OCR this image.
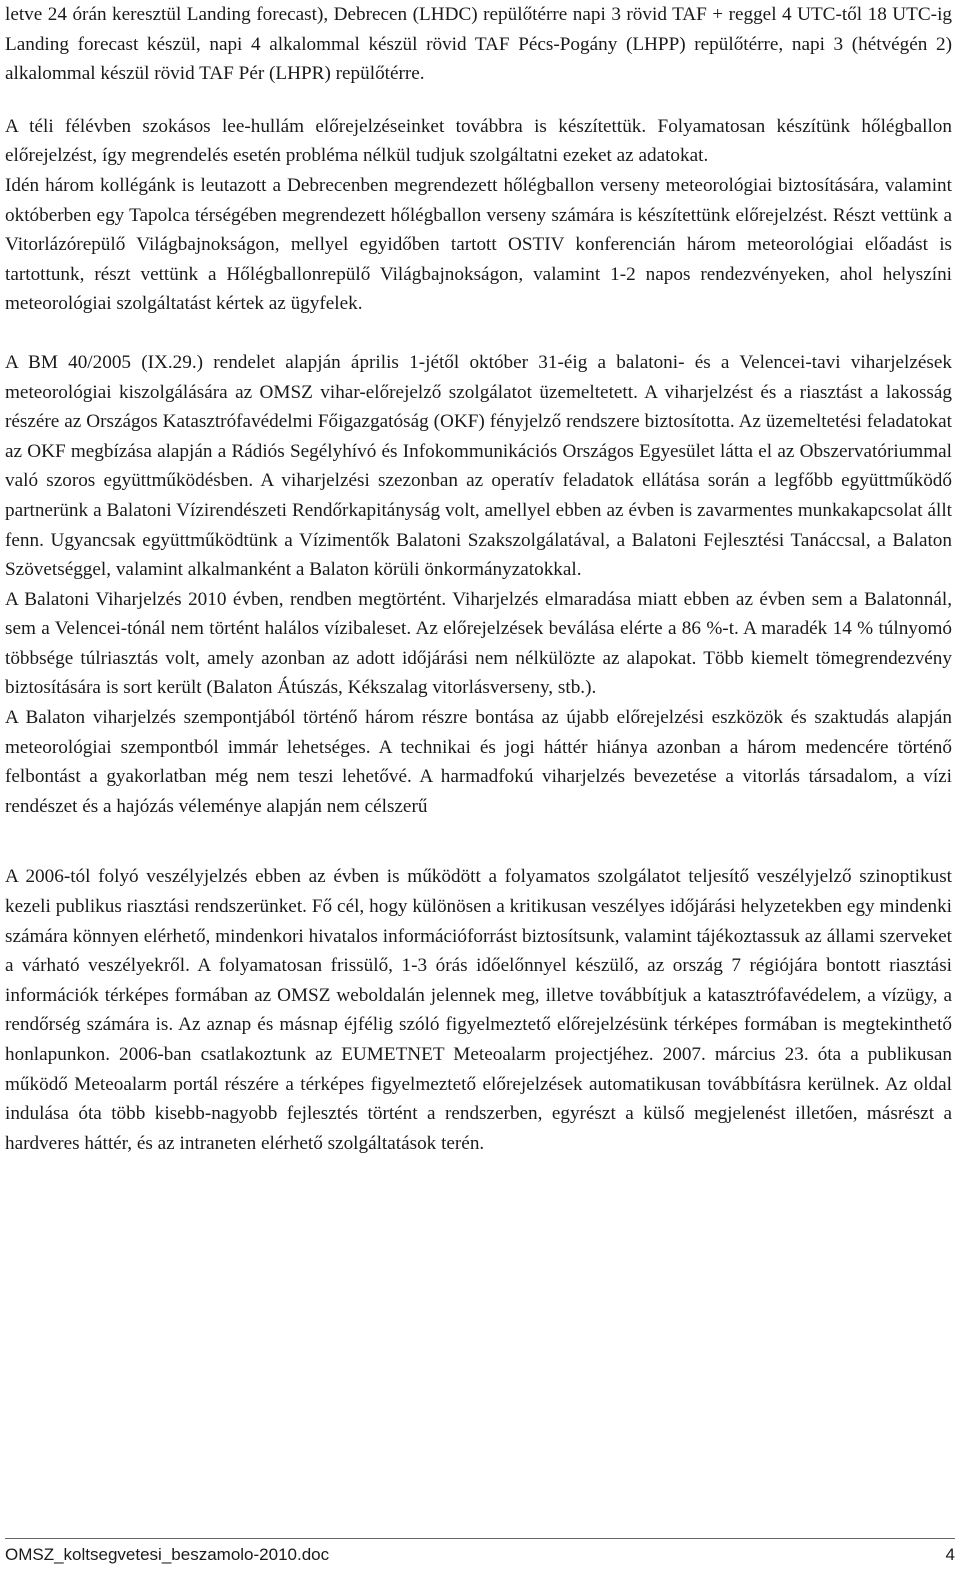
letve 24 órán keresztül Landing forecast), Debrecen (LHDC) repülőtérre napi 3 rövid TAF + reggel 4 UTC-től 18 UTC-ig Landing forecast készül, napi 4 alkalommal készül rövid TAF Pécs-Pogány (LHPP) repülőtérre, napi 3 (hétvégén 2) alkalommal készül rövid TAF Pér (LHPR) repülőtérre.

A téli félévben szokásos lee-hullám előrejelzéseinket továbbra is készítettük. Folyamatosan készítünk hőlégballon előrejelzést, így megrendelés esetén probléma nélkül tudjuk szolgáltatni ezeket az adatokat.

Idén három kollégánk is leutazott a Debrecenben megrendezett hőlégballon verseny meteorológiai biztosítására, valamint októberben egy Tapolca térségében megrendezett hőlégballon verseny számára is készítettünk előrejelzést. Részt vettünk a Vitorlázórepülő Világbajnokságon, mellyel egyidőben tartott OSTIV konferencián három meteorológiai előadást is tartottunk, részt vettünk a Hőlégballonrepülő Világbajnokságon, valamint 1-2 napos rendezvényeken, ahol helyszíni meteorológiai szolgáltatást kértek az ügyfelek.

A BM 40/2005 (IX.29.) rendelet alapján április 1-jétől október 31-éig a balatoni- és a Velencei-tavi viharjelzések meteorológiai kiszolgálására az OMSZ vihar-előrejelző szolgálatot üzemeltetett. A viharjelzést és a riasztást a lakosság részére az Országos Katasztrófavédelmi Főigazgatóság (OKF) fényjelző rendszere biztosította. Az üzemeltetési feladatokat az OKF megbízása alapján a Rádiós Segélyhívó és Infokommunikációs Országos Egyesület látta el az Obszervatóriummal való szoros együttműködésben. A viharjelzési szezonban az operatív feladatok ellátása során a legfőbb együttműködő partnerünk a Balatoni Vízirendészeti Rendőrkapitányság volt, amellyel ebben az évben is zavarmentes munkakapcsolat állt fenn. Ugyancsak együttműködtünk a Vízimentők Balatoni Szakszolgálatával, a Balatoni Fejlesztési Tanáccsal, a Balaton Szövetséggel, valamint alkalmanként a Balaton körüli önkormányzatokkal.

A Balatoni Viharjelzés 2010 évben, rendben megtörtént. Viharjelzés elmaradása miatt ebben az évben sem a Balatonnál, sem a Velencei-tónál nem történt halálos vízibaleset. Az előrejelzések beválása elérte a 86 %-t. A maradék 14 % túlnyomó többsége túlriasztás volt, amely azonban az adott időjárási nem nélkülözte az alapokat. Több kiemelt tömegrendezvény biztosítására is sort került (Balaton Átúszás, Kékszalag vitorlásverseny, stb.).

A Balaton viharjelzés szempontjából történő három részre bontása az újabb előrejelzési eszközök és szaktudás alapján meteorológiai szempontból immár lehetséges. A technikai és jogi háttér hiánya azonban a három medencére történő felbontást a gyakorlatban még nem teszi lehetővé. A harmadfokú viharjelzés bevezetése a vitorlás társadalom, a vízi rendészet és a hajózás véleménye alapján nem célszerű

A 2006-tól folyó veszélyjelzés ebben az évben is működött a folyamatos szolgálatot teljesítő veszélyjelző szinoptikust kezeli publikus riasztási rendszerünket. Fő cél, hogy különösen a kritikusan veszélyes időjárási helyzetekben egy mindenki számára könnyen elérhető, mindenkori hivatalos információforrást biztosítsunk, valamint tájékoztassuk az állami szerveket a várható veszélyekről. A folyamatosan frissülő, 1-3 órás időelőnnyel készülő, az ország 7 régiójára bontott riasztási információk térképes formában az OMSZ weboldalán jelennek meg, illetve továbbítjuk a katasztrófavédelem, a vízügy, a rendőrség számára is. Az aznap és másnap éjfélig szóló figyelmeztető előrejelzésünk térképes formában is megtekinthető honlapunkon. 2006-ban csatlakoztunk az EUMETNET Meteoalarm projectjéhez. 2007. március 23. óta a publikusan működő Meteoalarm portál részére a térképes figyelmeztető előrejelzések automatikusan továbbításra kerülnek. Az oldal indulása óta több kisebb-nagyobb fejlesztés történt a rendszerben, egyrészt a külső megjelenést illetően, másrészt a hardveres háttér, és az intraneten elérhető szolgáltatások terén.

OMSZ_koltsegvetesi_beszamolo-2010.doc	4
